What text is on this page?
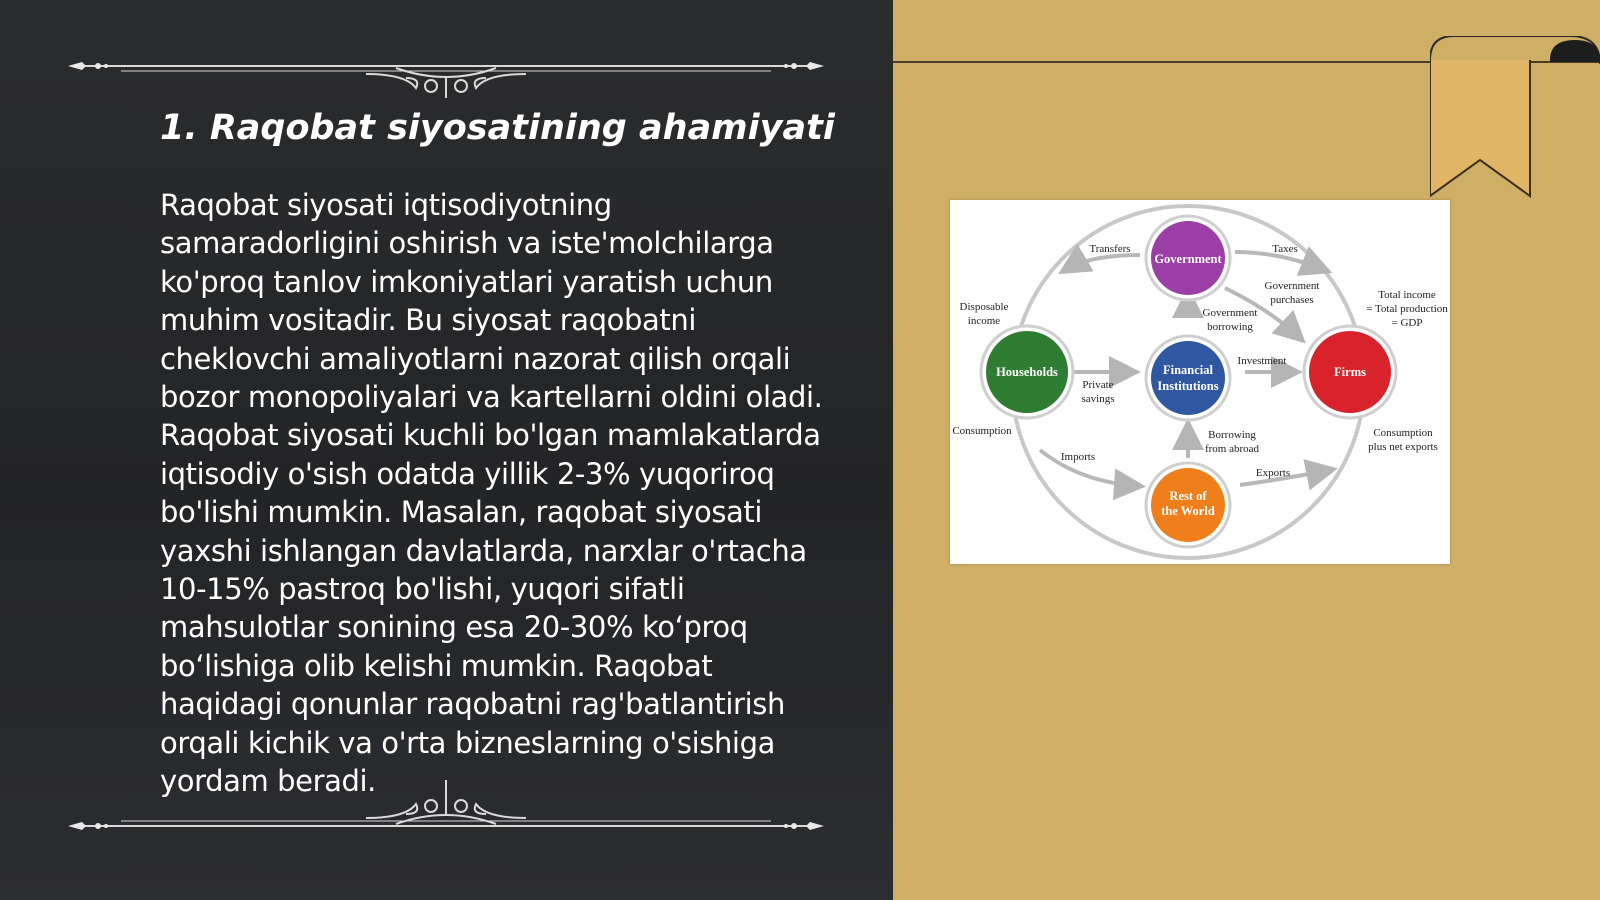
1. Raqobat siyosatining ahamiyati

Raqobat siyosati iqtisodiyotning samaradorligini oshirish va iste'molchilarga ko'proq tanlov imkoniyatlari yaratish uchun muhim vositadir. Bu siyosat raqobatni cheklovchi amaliyotlarni nazorat qilish orqali bozor monopoliyalari va kartellarni oldini oladi. Raqobat siyosati kuchli bo'lgan mamlakatlarda iqtisodiy o'sish odatda yillik 2-3% yuqoriroq bo'lishi mumkin. Masalan, raqobat siyosati yaxshi ishlangan davlatlarda, narxlar o'rtacha 10-15% pastroq bo'lishi, yuqori sifatli mahsulotlar sonining esa 20-30% koʻproq boʻlishiga olib kelishi mumkin. Raqobat haqidagi qonunlar raqobatni rag'batlantirish orqali kichik va o'rta bizneslarning o'sishiga yordam beradi.

Government
Households	Financial
Institutions
Firms
Rest of
the World
Transfers	Taxes
Disposable
income
Government
purchases	Total income
= Total production
= GDP
Government
borrowing
Investment
Private
savings
Consumption	Borrowing
from abroad
Consumption
plus net exports
Imports
Exports
